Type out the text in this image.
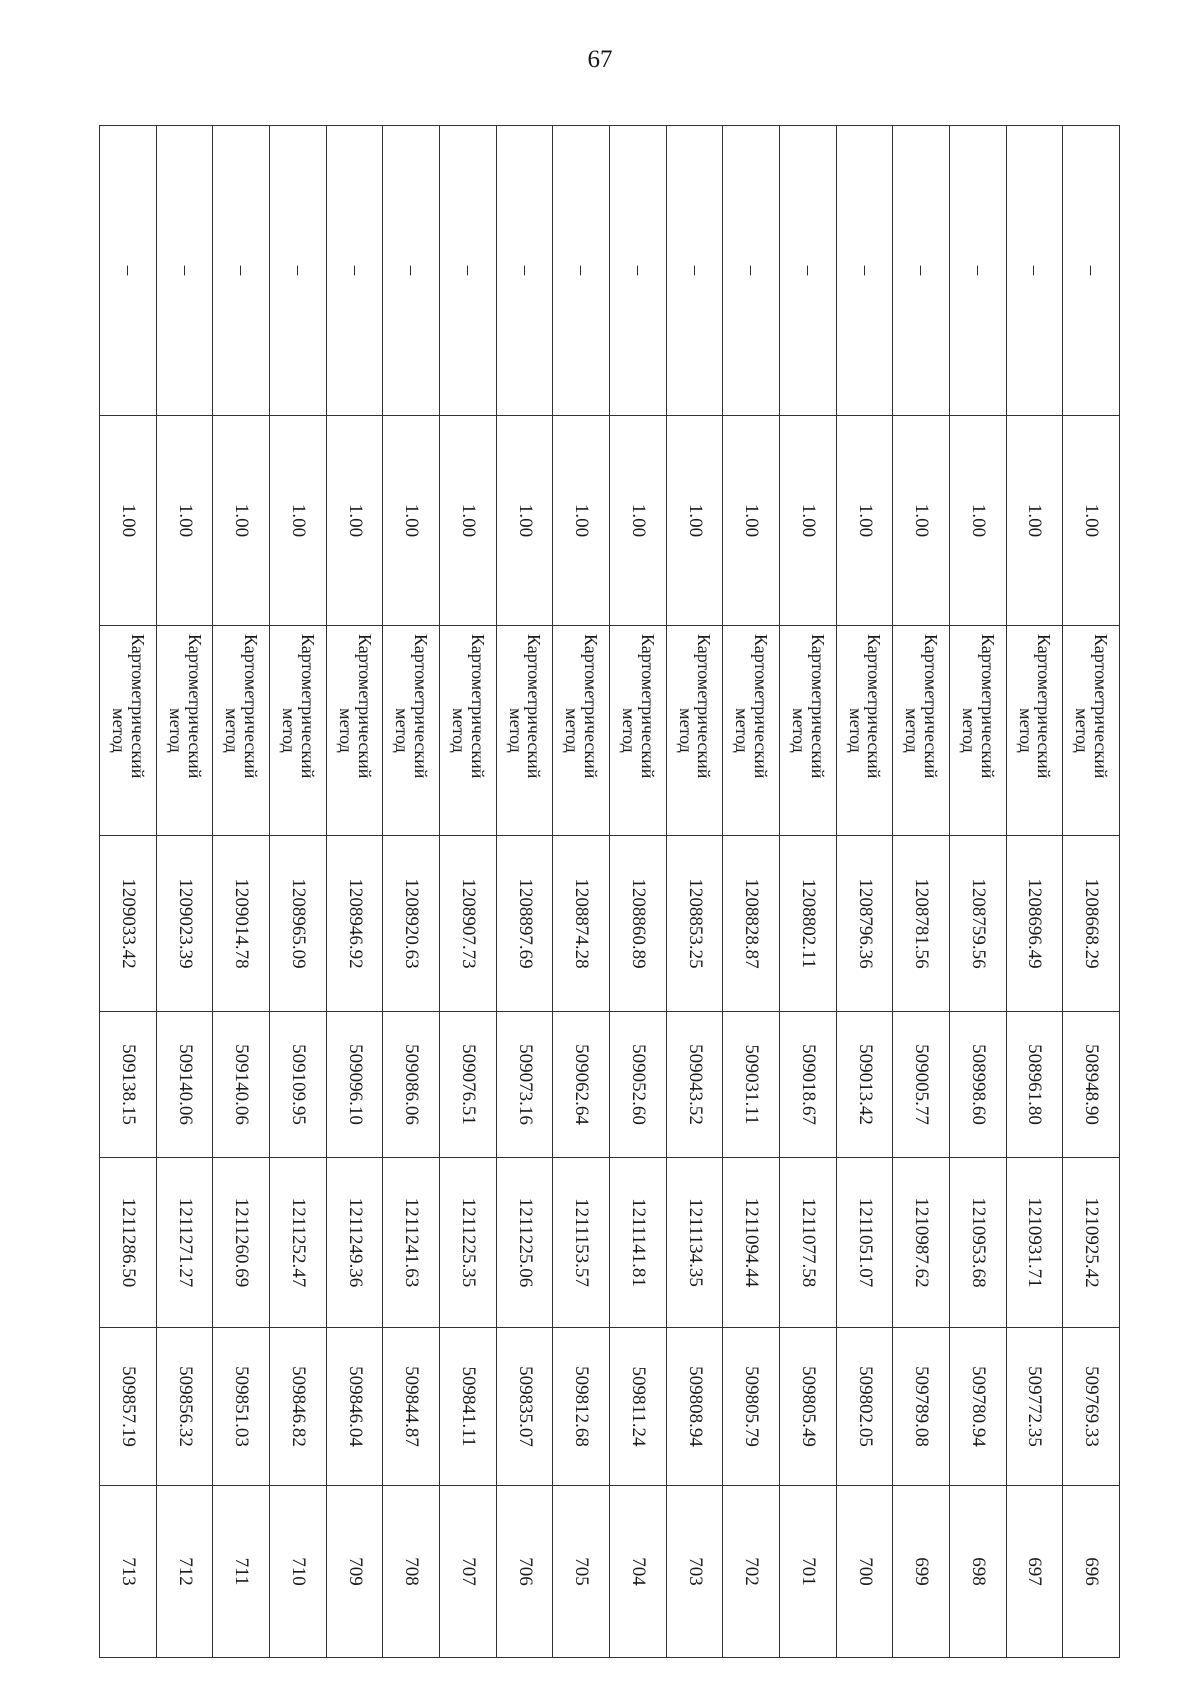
67
–	1.00	Картометрический
метод	1208668.29	508948.90	1210925.42	509769.33	696
–	1.00	Картометрический
метод	1208696.49	508961.80	1210931.71	509772.35	697
–	1.00	Картометрический
метод	1208759.56	508998.60	1210953.68	509780.94	698
–	1.00	Картометрический
метод	1208781.56	509005.77	1210987.62	509789.08	699
–	1.00	Картометрический
метод	1208796.36	509013.42	1211051.07	509802.05	700
–	1.00	Картометрический
метод	1208802.11	509018.67	1211077.58	509805.49	701
–	1.00	Картометрический
метод	1208828.87	509031.11	1211094.44	509805.79	702
–	1.00	Картометрический
метод	1208853.25	509043.52	1211134.35	509808.94	703
–	1.00	Картометрический
метод	1208860.89	509052.60	1211141.81	509811.24	704
–	1.00	Картометрический
метод	1208874.28	509062.64	1211153.57	509812.68	705
–	1.00	Картометрический
метод	1208897.69	509073.16	1211225.06	509835.07	706
–	1.00	Картометрический
метод	1208907.73	509076.51	1211225.35	509841.11	707
–	1.00	Картометрический
метод	1208920.63	509086.06	1211241.63	509844.87	708
–	1.00	Картометрический
метод	1208946.92	509096.10	1211249.36	509846.04	709
–	1.00	Картометрический
метод	1208965.09	509109.95	1211252.47	509846.82	710
–	1.00	Картометрический
метод	1209014.78	509140.06	1211260.69	509851.03	711
–	1.00	Картометрический
метод	1209023.39	509140.06	1211271.27	509856.32	712
–	1.00	Картометрический
метод	1209033.42	509138.15	1211286.50	509857.19	713
